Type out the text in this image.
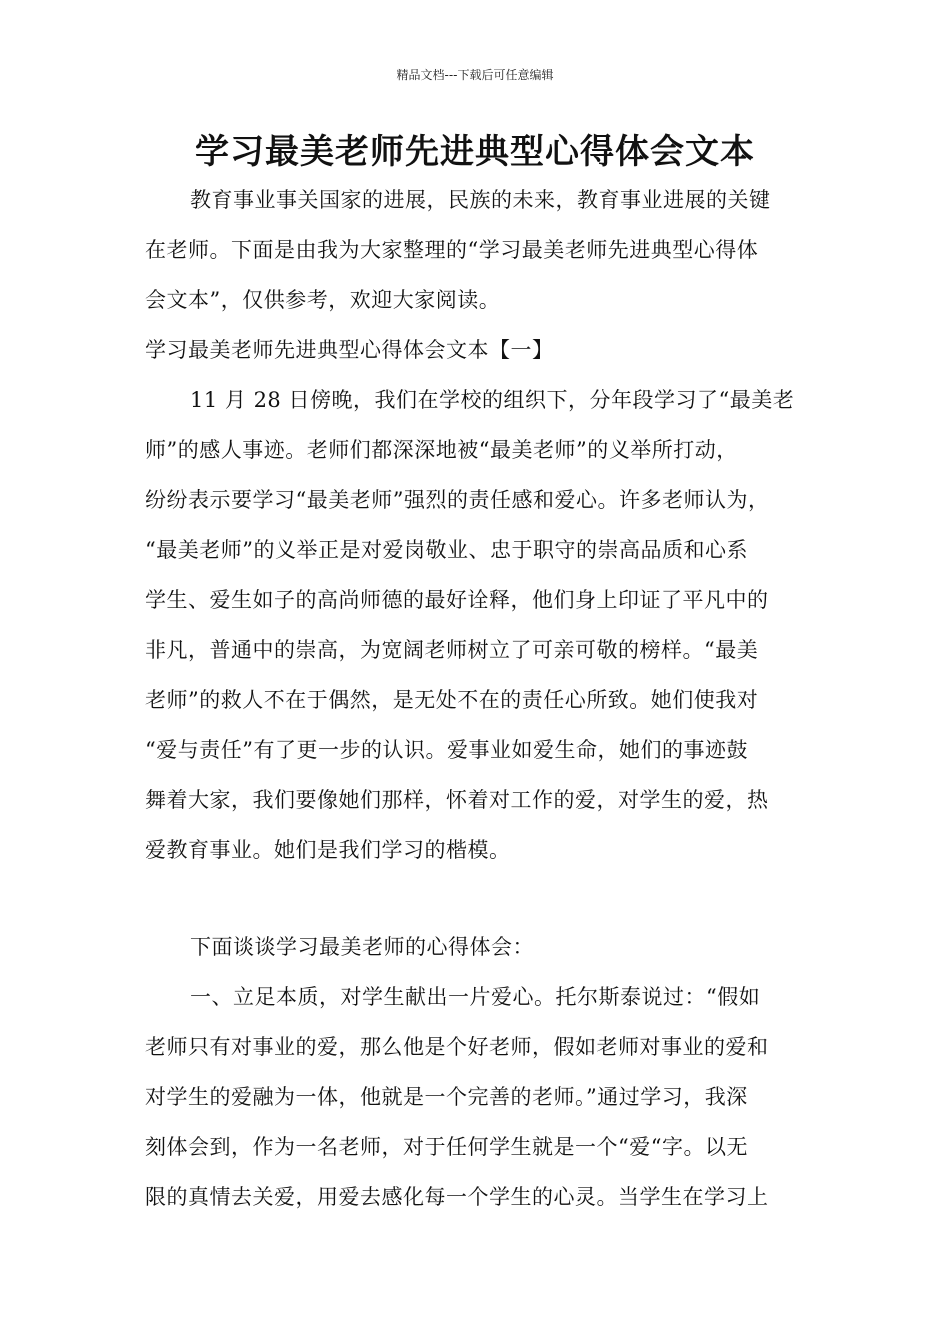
精品文档---下载后可任意编辑
学习最美老师先进典型心得体会文本
教育事业事关国家的进展，民族的未来，教育事业进展的关键
在老师。下面是由我为大家整理的“学习最美老师先进典型心得体
会文本”，仅供参考，欢迎大家阅读。
学习最美老师先进典型心得体会文本【一】
11 月 28 日傍晚，我们在学校的组织下，分年段学习了“最美老
师”的感人事迹。老师们都深深地被“最美老师”的义举所打动，
纷纷表示要学习“最美老师”强烈的责任感和爱心。许多老师认为，
“最美老师”的义举正是对爱岗敬业、忠于职守的崇高品质和心系
学生、爱生如子的高尚师德的最好诠释，他们身上印证了平凡中的
非凡，普通中的崇高，为宽阔老师树立了可亲可敬的榜样。“最美
老师”的救人不在于偶然，是无处不在的责任心所致。她们使我对
“爱与责任”有了更一步的认识。爱事业如爱生命，她们的事迹鼓
舞着大家，我们要像她们那样，怀着对工作的爱，对学生的爱，热
爱教育事业。她们是我们学习的楷模。
下面谈谈学习最美老师的心得体会：
一、立足本质，对学生献出一片爱心。托尔斯泰说过：“假如
老师只有对事业的爱，那么他是个好老师，假如老师对事业的爱和
对学生的爱融为一体，他就是一个完善的老师。”通过学习，我深
刻体会到，作为一名老师，对于任何学生就是一个“爱“字。以无
限的真情去关爱，用爱去感化每一个学生的心灵。当学生在学习上
